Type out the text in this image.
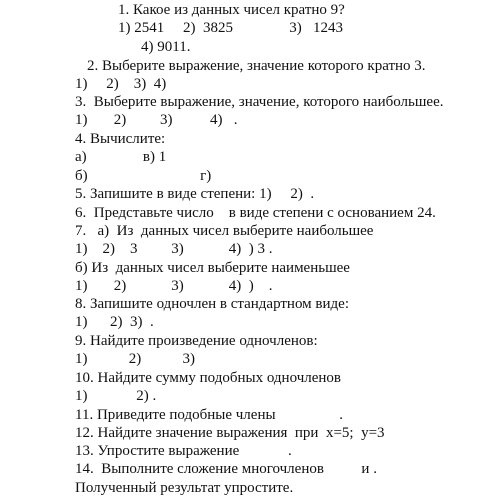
1. Какое из данных чисел кратно 9?

1) 2541     2)  3825               3)   1243

4) 9011.

2. Выберите выражение, значение которого кратно 3.

1)     2)    3)  4)

3.  Выберите выражение, значение, которого наибольшее.

1)       2)         3)          4)   .

4. Вычислите:

а)               в) 1

б)                              г)

5. Запишите в виде степени: 1)     2)  .

6.  Представьте число    в виде степени с основанием 24.

7.   а)  Из  данных чисел выберите наибольшее

1)    2)    3         3)            4)  ) 3 .

б) Из  данных чисел выберите наименьшее

1)       2)            3)            4)  )    .

8. Запишите одночлен в стандартном виде:

1)      2)  3)  .

9. Найдите произведение одночленов:

1)           2)           3)

10. Найдите сумму подобных одночленов

1)             2) .

11. Приведите подобные члены                 .

12. Найдите значение выражения  при  x=5;  y=3

13. Упростите выражение             .

14.  Выполните сложение многочленов          и .

Полученный результат упростите.
